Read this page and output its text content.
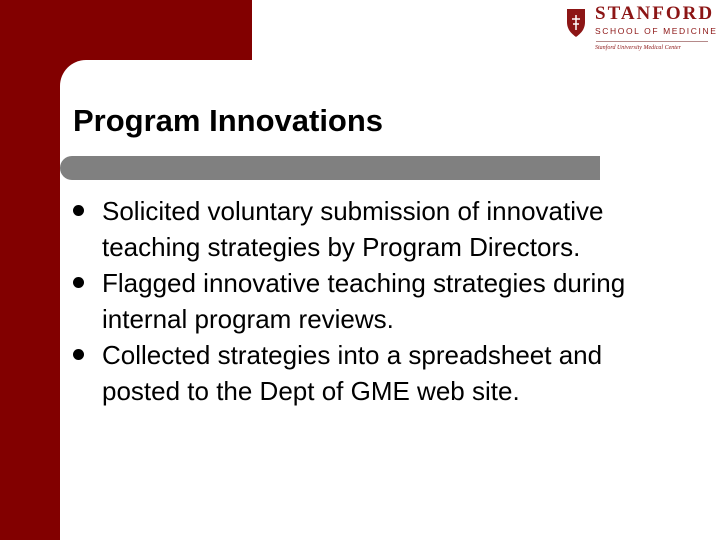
STANFORD
SCHOOL OF MEDICINE
Stanford University Medical Center
Program Innovations
Solicited voluntary submission of innovative teaching strategies by Program Directors.
Flagged innovative teaching strategies during internal program reviews.
Collected strategies into a spreadsheet and posted to the Dept of GME web site.
